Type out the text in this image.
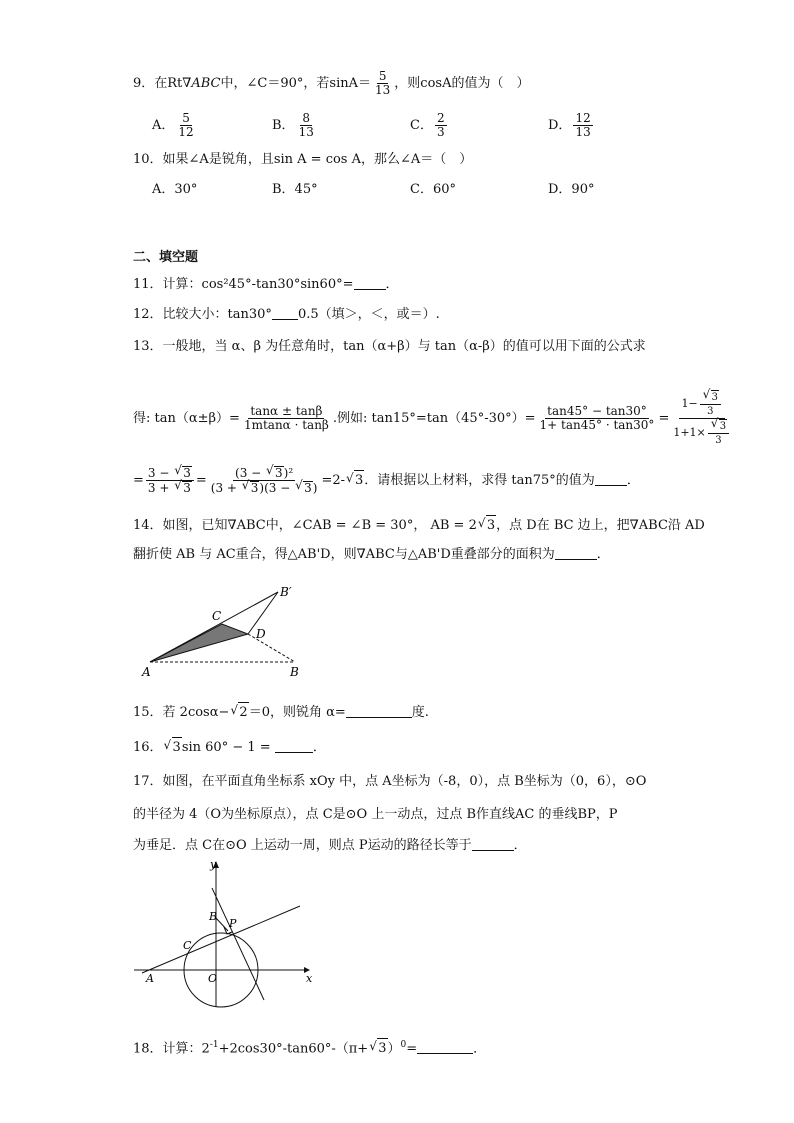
9．在Rt∇ABC中，∠C＝90°，若$\sin A= \frac{5}{13}$ ，则cosA的值为（　）
A． $\frac{5}{12}$	B． $\frac{8}{13}$	C． $\frac{2}{3}$	D． $\frac{12}{13}$
10．如果∠A是锐角，且sin A = cos A，那么∠A＝（　）
A．30°	B．45°	C．60°	D．90°
二、填空题
11．计算：cos²45°-tan30°sin60°= ．
12．比较大小：tan30° 0.5（填＞，＜，或＝）.
13．一般地，当 α、β 为任意角时，tan（α+β）与 tan（α-β）的值可以用下面的公式求
得: $\tan(\alpha\pm\beta)= \frac{\tan\alpha \pm \tan\beta}{1mtan\alpha \cdot \tan\beta}$ .例如: $\tan 15^\circ=\tan(45^\circ-30^\circ)= \frac{\tan 45^\circ - \tan 30^\circ}{1+ \tan 45^\circ \cdot \tan 30^\circ} = 1-$
√ $\frac{3}{3}$
1+1×
√ $\frac{3}{3}$
= $\frac{3 - √ 3}{3 + √ 3} = \frac{\text{(3 − √ 3)²}}{(3 + √ 3)(3 - √ 3)} =2-√$ 3．请根据以上材料，求得 tan75°的值为 ．
14．如图，已知∇ABC中，∠CAB = ∠B = 30°， AB = 2√ 3，点 D在 BC 边上，把∇ABC沿 AD
翻折使 AB 与 AC重合，得△AB'D，则∇ABC与△AB'D重叠部分的面积为	．
A	B
C
D
B′
15．若 2cosα−√ 2＝0，则锐角 α=	度.
16．√ 3sin 60° − 1 =	．
17．如图，在平面直角坐标系 xOy 中，点 A坐标为（-8，0），点 B坐标为（0，6），⊙O
的半径为 4（O为坐标原点），点 C是⊙O 上一动点，过点 B作直线AC 的垂线BP，P
为垂足．点 C在⊙O 上运动一周，则点 P运动的路径长等于	．
y
x
B
P
C
A	O
18．计算：$2^{-1}+2\cos 30^\circ-\tan 60^\circ-(\pi+√$ 3）$^0$=	．
